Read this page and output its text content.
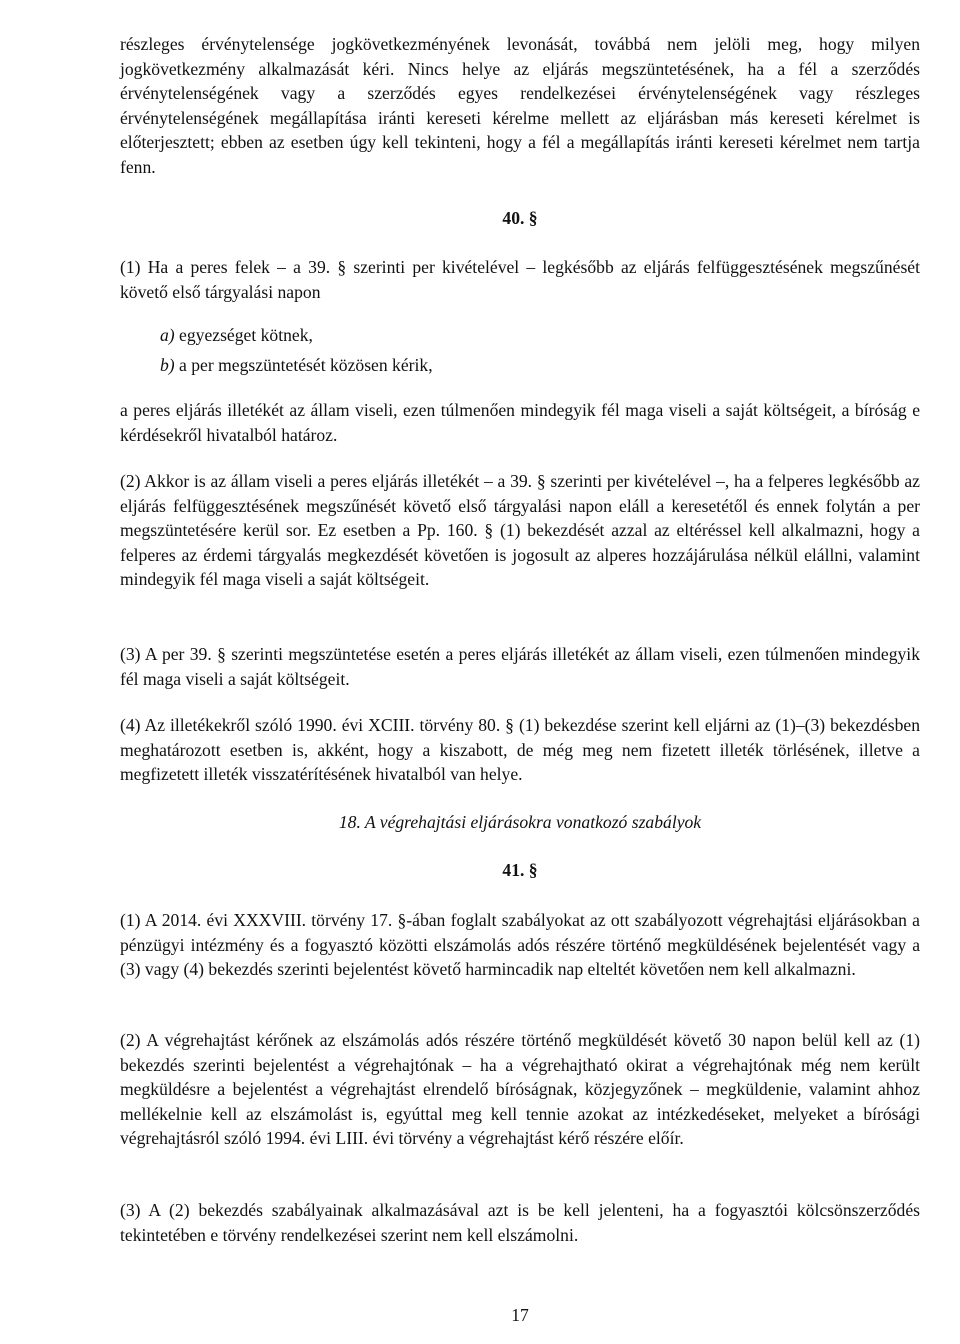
részleges érvénytelensége jogkövetkezményének levonását, továbbá nem jelöli meg, hogy milyen jogkövetkezmény alkalmazását kéri. Nincs helye az eljárás megszüntetésének, ha a fél a szerződés érvénytelenségének vagy a szerződés egyes rendelkezései érvénytelenségének vagy részleges érvénytelenségének megállapítása iránti kereseti kérelme mellett az eljárásban más kereseti kérelmet is előterjesztett; ebben az esetben úgy kell tekinteni, hogy a fél a megállapítás iránti kereseti kérelmet nem tartja fenn.

40. §

(1) Ha a peres felek – a 39. § szerinti per kivételével – legkésőbb az eljárás felfüggesztésének megszűnését követő első tárgyalási napon

a) egyezséget kötnek,

b) a per megszüntetését közösen kérik,

a peres eljárás illetékét az állam viseli, ezen túlmenően mindegyik fél maga viseli a saját költségeit, a bíróság e kérdésekről hivatalból határoz.

(2) Akkor is az állam viseli a peres eljárás illetékét – a 39. § szerinti per kivételével –, ha a felperes legkésőbb az eljárás felfüggesztésének megszűnését követő első tárgyalási napon eláll a keresetétől és ennek folytán a per megszüntetésére kerül sor. Ez esetben a Pp. 160. § (1) bekezdését azzal az eltéréssel kell alkalmazni, hogy a felperes az érdemi tárgyalás megkezdését követően is jogosult az alperes hozzájárulása nélkül elállni, valamint mindegyik fél maga viseli a saját költségeit.

(3) A per 39. § szerinti megszüntetése esetén a peres eljárás illetékét az állam viseli, ezen túlmenően mindegyik fél maga viseli a saját költségeit.

(4) Az illetékekről szóló 1990. évi XCIII. törvény 80. § (1) bekezdése szerint kell eljárni az (1)–(3) bekezdésben meghatározott esetben is, akként, hogy a kiszabott, de még meg nem fizetett illeték törlésének, illetve a megfizetett illeték visszatérítésének hivatalból van helye.

18. A végrehajtási eljárásokra vonatkozó szabályok

41. §

(1) A 2014. évi XXXVIII. törvény 17. §-ában foglalt szabályokat az ott szabályozott végrehajtási eljárásokban a pénzügyi intézmény és a fogyasztó közötti elszámolás adós részére történő megküldésének bejelentését vagy a (3) vagy (4) bekezdés szerinti bejelentést követő harmincadik nap elteltét követően nem kell alkalmazni.

(2) A végrehajtást kérőnek az elszámolás adós részére történő megküldését követő 30 napon belül kell az (1) bekezdés szerinti bejelentést a végrehajtónak – ha a végrehajtható okirat a végrehajtónak még nem került megküldésre a bejelentést a végrehajtást elrendelő bíróságnak, közjegyzőnek – megküldenie, valamint ahhoz mellékelnie kell az elszámolást is, egyúttal meg kell tennie azokat az intézkedéseket, melyeket a bírósági végrehajtásról szóló 1994. évi LIII. évi törvény a végrehajtást kérő részére előír.

(3) A (2) bekezdés szabályainak alkalmazásával azt is be kell jelenteni, ha a fogyasztói kölcsönszerződés tekintetében e törvény rendelkezései szerint nem kell elszámolni.

17
